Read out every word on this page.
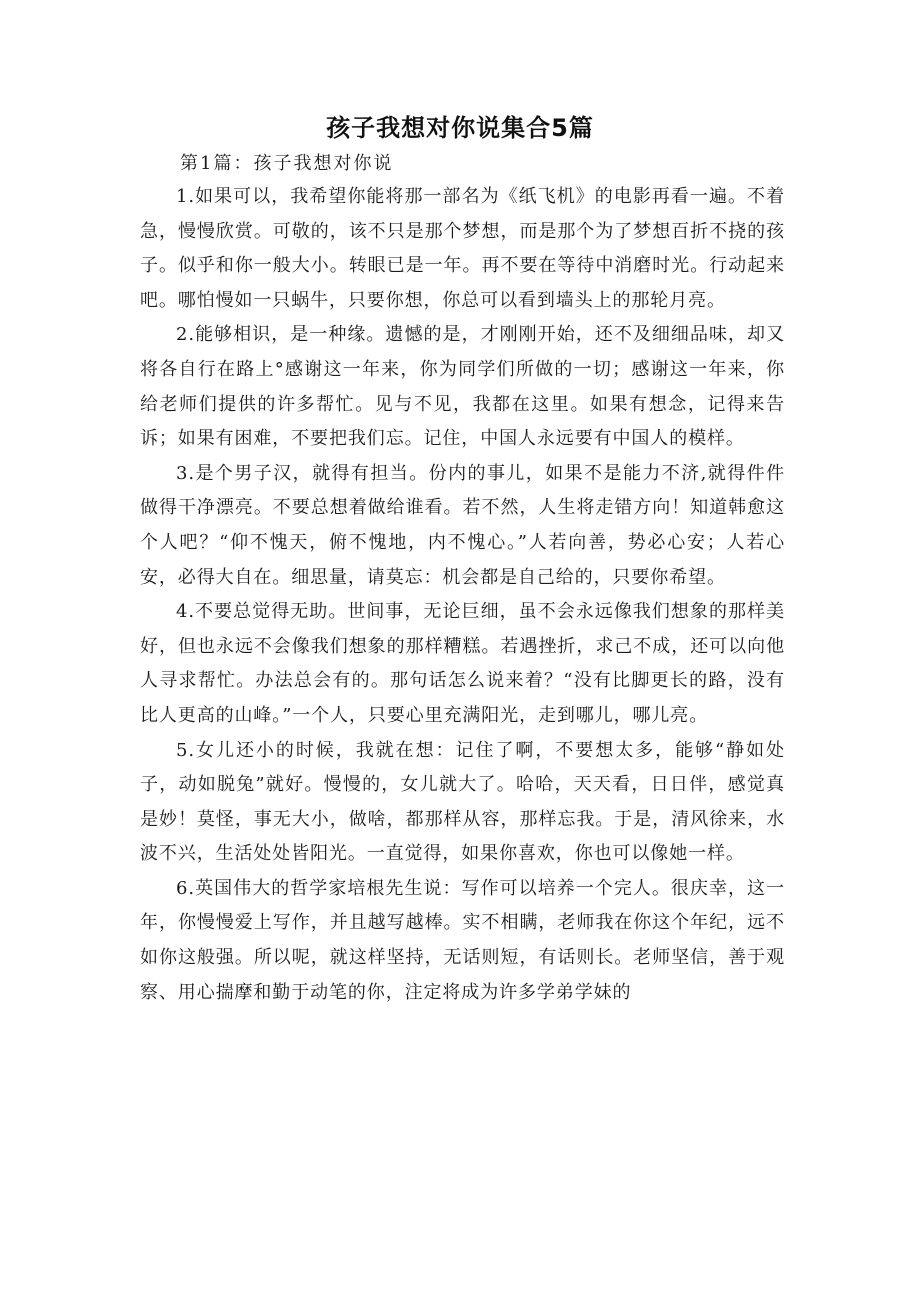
孩子我想对你说集合5篇
第1篇：孩子我想对你说

1.如果可以，我希望你能将那一部名为《纸飞机》的电影再看一遍。不着急，慢慢欣赏。可敬的，该不只是那个梦想，而是那个为了梦想百折不挠的孩子。似乎和你一般大小。转眼已是一年。再不要在等待中消磨时光。行动起来吧。哪怕慢如一只蜗牛，只要你想，你总可以看到墙头上的那轮月亮。

2.能够相识，是一种缘。遗憾的是，才刚刚开始，还不及细细品味，却又将各自行在路上°感谢这一年来，你为同学们所做的一切；感谢这一年来，你给老师们提供的许多帮忙。见与不见，我都在这里。如果有想念，记得来告诉；如果有困难，不要把我们忘。记住，中国人永远要有中国人的模样。

3.是个男子汉，就得有担当。份内的事儿，如果不是能力不济,就得件件做得干净漂亮。不要总想着做给谁看。若不然，人生将走错方向！知道韩愈这个人吧？“仰不愧天，俯不愧地，内不愧心。”人若向善，势必心安；人若心安，必得大自在。细思量，请莫忘：机会都是自己给的，只要你希望。

4.不要总觉得无助。世间事，无论巨细，虽不会永远像我们想象的那样美好，但也永远不会像我们想象的那样糟糕。若遇挫折，求己不成，还可以向他人寻求帮忙。办法总会有的。那句话怎么说来着？“没有比脚更长的路，没有比人更高的山峰。”一个人，只要心里充满阳光，走到哪儿，哪儿亮。

5.女儿还小的时候，我就在想：记住了啊，不要想太多，能够“静如处子，动如脱兔”就好。慢慢的，女儿就大了。哈哈，天天看，日日伴，感觉真是妙！莫怪，事无大小，做啥，都那样从容，那样忘我。于是，清风徐来，水波不兴，生活处处皆阳光。一直觉得，如果你喜欢，你也可以像她一样。

6.英国伟大的哲学家培根先生说：写作可以培养一个完人。很庆幸，这一年，你慢慢爱上写作，并且越写越棒。实不相瞒，老师我在你这个年纪，远不如你这般强。所以呢，就这样坚持，无话则短，有话则长。老师坚信，善于观察、用心揣摩和勤于动笔的你，注定将成为许多学弟学妹的
